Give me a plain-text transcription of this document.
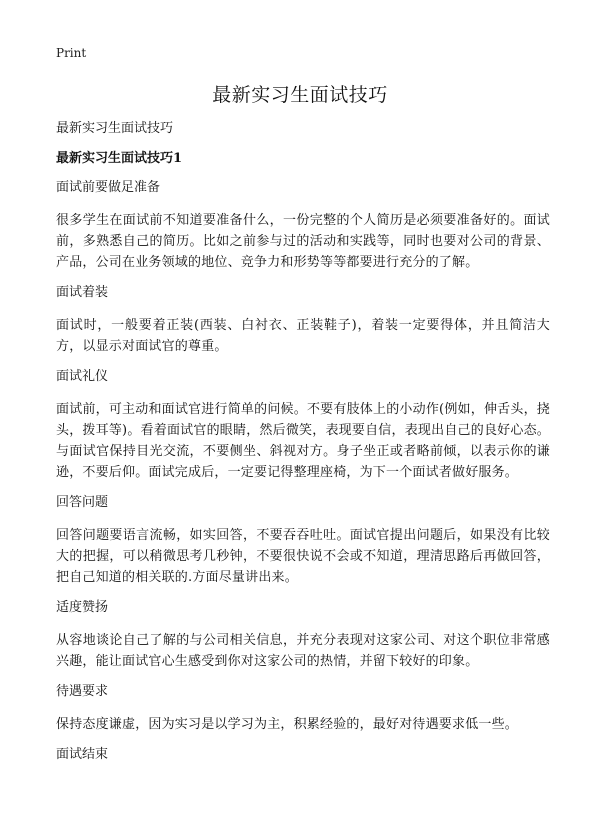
Print
最新实习生面试技巧

最新实习生面试技巧

最新实习生面试技巧1

面试前要做足准备

很多学生在面试前不知道要准备什么，一份完整的个人简历是必须要准备好的。面试前，多熟悉自己的简历。比如之前参与过的活动和实践等，同时也要对公司的背景、产品，公司在业务领域的地位、竞争力和形势等等都要进行充分的了解。

面试着装

面试时，一般要着正装(西装、白衬衣、正装鞋子)，着装一定要得体，并且简洁大方，以显示对面试官的尊重。

面试礼仪

面试前，可主动和面试官进行简单的问候。不要有肢体上的小动作(例如，伸舌头，挠头，拨耳等)。看着面试官的眼睛，然后微笑，表现要自信，表现出自己的良好心态。与面试官保持目光交流，不要侧坐、斜视对方。身子坐正或者略前倾，以表示你的谦逊，不要后仰。面试完成后，一定要记得整理座椅，为下一个面试者做好服务。

回答问题

回答问题要语言流畅，如实回答，不要吞吞吐吐。面试官提出问题后，如果没有比较大的把握，可以稍微思考几秒钟，不要很快说不会或不知道，理清思路后再做回答，把自己知道的相关联的.方面尽量讲出来。

适度赞扬

从容地谈论自己了解的与公司相关信息，并充分表现对这家公司、对这个职位非常感兴趣，能让面试官心生感受到你对这家公司的热情，并留下较好的印象。

待遇要求

保持态度谦虚，因为实习是以学习为主，积累经验的，最好对待遇要求低一些。

面试结束
